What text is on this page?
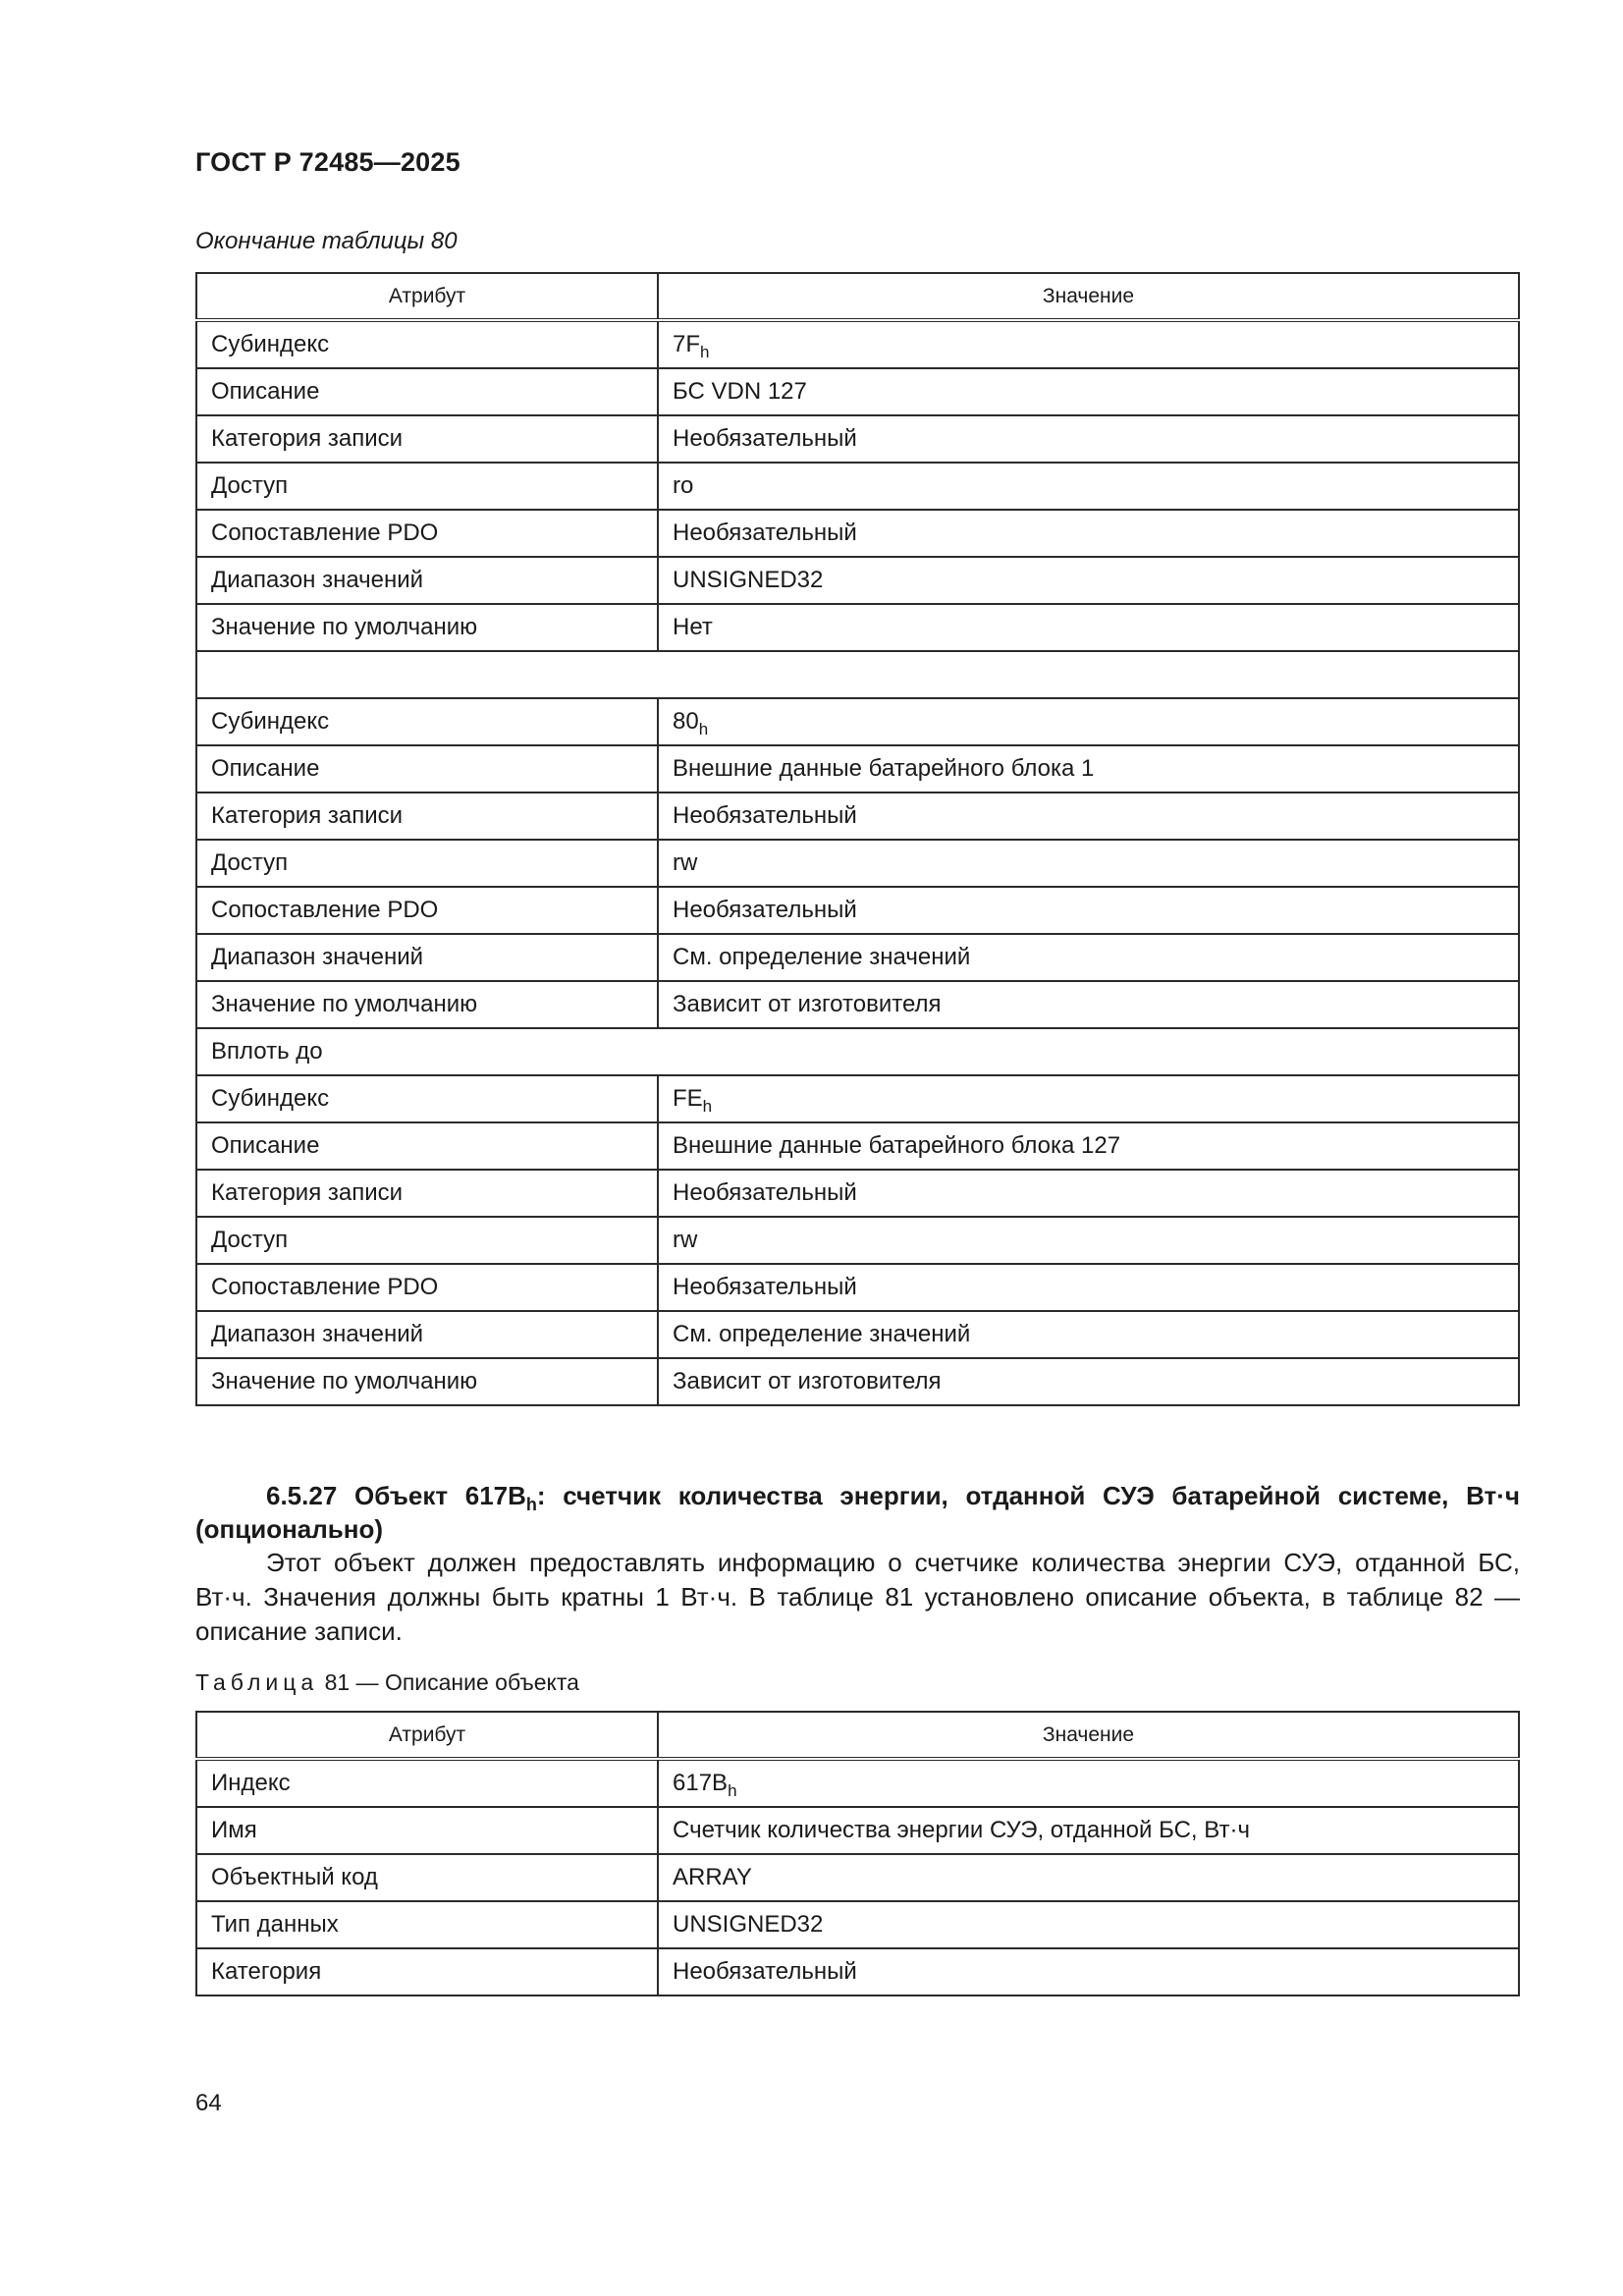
ГОСТ Р 72485—2025
Окончание таблицы 80
Атрибут	Значение
Субиндекс	$7F_h$
Описание	БС VDN 127
Категория записи	Необязательный
Доступ	ro
Сопоставление PDO	Необязательный
Диапазон значений	UNSIGNED32
Значение по умолчанию	Нет

Субиндекс	$80_h$
Описание	Внешние данные батарейного блока 1
Категория записи	Необязательный
Доступ	rw
Сопоставление PDO	Необязательный
Диапазон значений	См. определение значений
Значение по умолчанию	Зависит от изготовителя
Вплоть до	
Субиндекс	$FE_h$
Описание	Внешние данные батарейного блока 127
Категория записи	Необязательный
Доступ	rw
Сопоставление PDO	Необязательный
Диапазон значений	См. определение значений
Значение по умолчанию	Зависит от изготовителя
6.5.27 Объект $617B_h$: счетчик количества энергии, отданной СУЭ батарейной системе, Вт·ч (опционально)

Этот объект должен предоставлять информацию о счетчике количества энергии СУЭ, отданной БС, Вт·ч. Значения должны быть кратны 1 Вт·ч. В таблице 81 установлено описание объекта, в таблице 82 — описание записи.

Таблица 81 — Описание объекта
Атрибут	Значение
Индекс	$617B_h$
Имя	Счетчик количества энергии СУЭ, отданной БС, Вт·ч
Объектный код	ARRAY
Тип данных	UNSIGNED32
Категория	Необязательный
64
